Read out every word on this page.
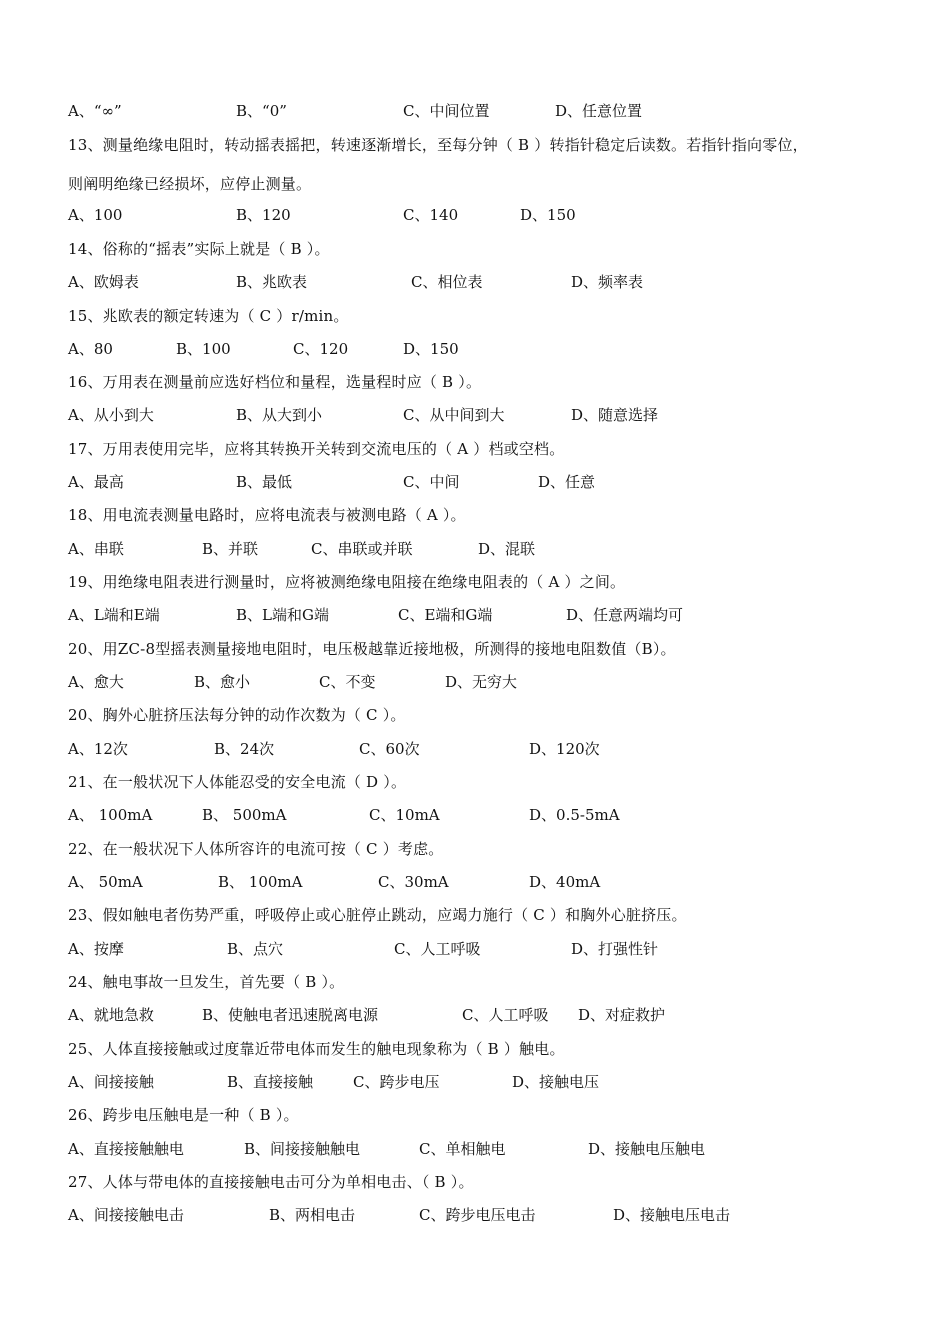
A、“∞”	B、“0”	C、中间位置	D、任意位置
13、测量绝缘电阻时，转动摇表摇把，转速逐渐增长，至每分钟（ B ）转指针稳定后读数。若指针指向零位，
则阐明绝缘已经损坏，应停止测量。
A、100	B、120	C、140	D、150
14、俗称的“摇表”实际上就是（ B ）。
A、欧姆表	B、兆欧表	C、相位表	D、频率表
15、兆欧表的额定转速为（ C ）r/min。
A、80	B、100	C、120	D、150
16、万用表在测量前应选好档位和量程，选量程时应（ B ）。
A、从小到大	B、从大到小	C、从中间到大	D、随意选择
17、万用表使用完毕，应将其转换开关转到交流电压的（ A ）档或空档。
A、最高	B、最低	C、中间	D、任意
18、用电流表测量电路时，应将电流表与被测电路（ A ）。
A、串联	B、并联	C、串联或并联	D、混联
19、用绝缘电阻表进行测量时，应将被测绝缘电阻接在绝缘电阻表的（ A ）之间。
A、L端和E端	B、L端和G端	C、E端和G端	D、任意两端均可
20、用ZC-8型摇表测量接地电阻时，电压极越靠近接地极，所测得的接地电阻数值（B）。
A、愈大	B、愈小	C、不变	D、无穷大
20、胸外心脏挤压法每分钟的动作次数为（ C ）。
A、12次	B、24次	C、60次	D、120次
21、在一般状况下人体能忍受的安全电流（ D ）。
A、 100mA	B、 500mA	C、10mA	D、0.5-5mA
22、在一般状况下人体所容许的电流可按（ C ）考虑。
A、 50mA	B、 100mA	C、30mA	D、40mA
23、假如触电者伤势严重，呼吸停止或心脏停止跳动，应竭力施行（ C ）和胸外心脏挤压。
A、按摩	B、点穴	C、人工呼吸	D、打强性针
24、触电事故一旦发生，首先要（ B ）。
A、就地急救	B、使触电者迅速脱离电源	C、人工呼吸 D、对症救护
25、人体直接接触或过度靠近带电体而发生的触电现象称为（ B ）触电。
A、间接接触	B、直接接触	C、跨步电压	D、接触电压
26、跨步电压触电是一种（ B ）。
A、直接接触触电	B、间接接触触电	C、单相触电	D、接触电压触电
27、人体与带电体的直接接触电击可分为单相电击、（ B ）。
A、间接接触电击	B、两相电击	C、跨步电压电击	D、接触电压电击
